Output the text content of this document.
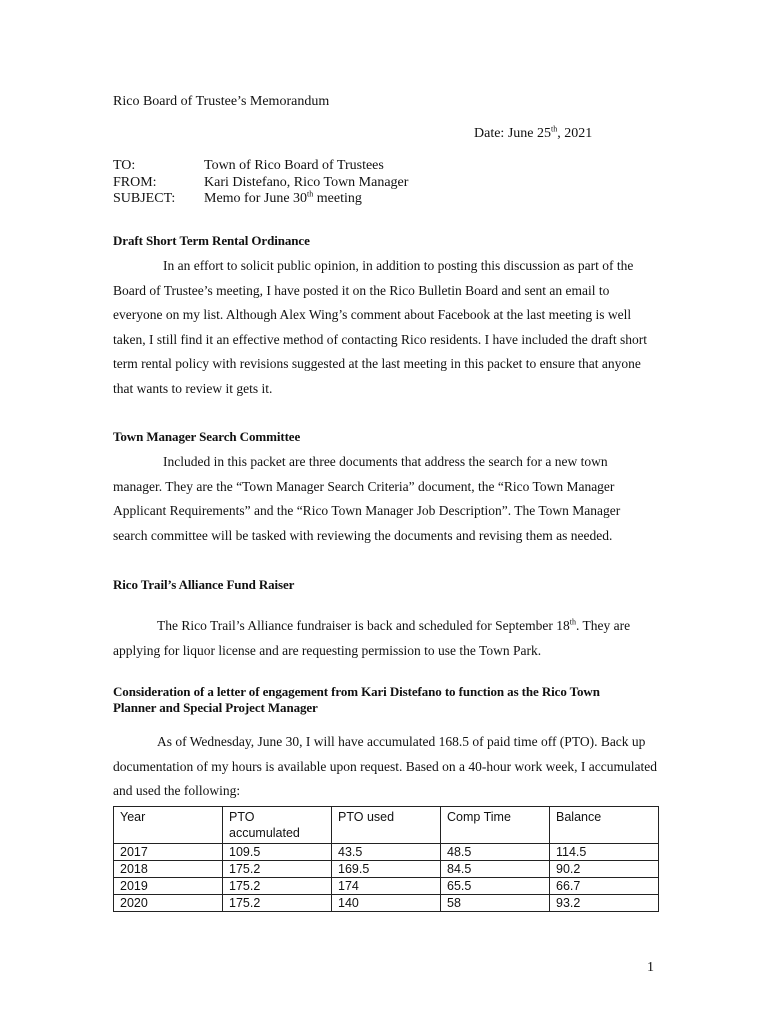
Rico Board of Trustee’s Memorandum
Date: June 25th, 2021
TO:	Town of Rico Board of Trustees
FROM:	Kari Distefano, Rico Town Manager
SUBJECT: Memo for June 30th meeting
Draft Short Term Rental Ordinance
In an effort to solicit public opinion, in addition to posting this discussion as part of the Board of Trustee’s meeting, I have posted it on the Rico Bulletin Board and sent an email to everyone on my list. Although Alex Wing’s comment about Facebook at the last meeting is well taken, I still find it an effective method of contacting Rico residents. I have included the draft short term rental policy with revisions suggested at the last meeting in this packet to ensure that anyone that wants to review it gets it.
Town Manager Search Committee
Included in this packet are three documents that address the search for a new town manager. They are the “Town Manager Search Criteria” document, the “Rico Town Manager Applicant Requirements” and the “Rico Town Manager Job Description”. The Town Manager search committee will be tasked with reviewing the documents and revising them as needed.
Rico Trail’s Alliance Fund Raiser
The Rico Trail’s Alliance fundraiser is back and scheduled for September 18th. They are applying for liquor license and are requesting permission to use the Town Park.
Consideration of a letter of engagement from Kari Distefano to function as the Rico Town
Planner and Special Project Manager
As of Wednesday, June 30, I will have accumulated 168.5 of paid time off (PTO). Back up documentation of my hours is available upon request. Based on a 40-hour work week, I accumulated and used the following:
Year	PTO accumulated	PTO used	Comp Time	Balance
2017	109.5	43.5	48.5	114.5
2018	175.2	169.5	84.5	90.2
2019	175.2	174	65.5	66.7
2020	175.2	140	58	93.2
1
